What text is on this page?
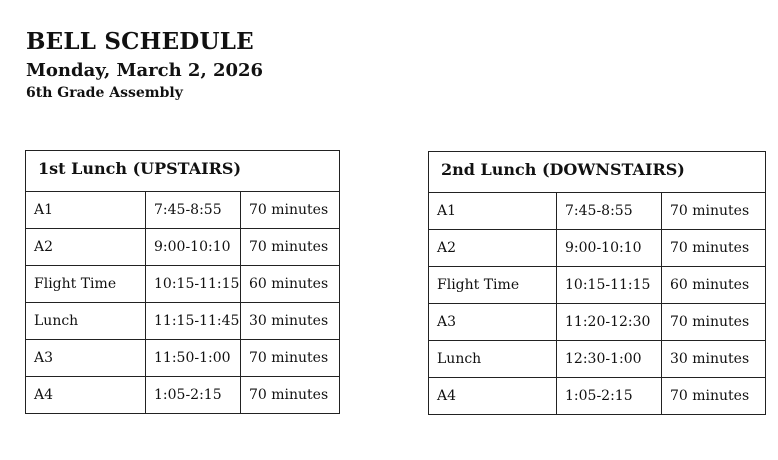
BELL SCHEDULE
Monday, March 2, 2026
6th Grade Assembly
1st Lunch (UPSTAIRS)		
A1	7:45-8:55	70 minutes
A2	9:00-10:10	70 minutes
Flight Time	10:15-11:15	60 minutes
Lunch	11:15-11:45	30 minutes
A3	11:50-1:00	70 minutes
A4	1:05-2:15	70 minutes
2nd Lunch (DOWNSTAIRS)		
A1	7:45-8:55	70 minutes
A2	9:00-10:10	70 minutes
Flight Time	10:15-11:15	60 minutes
A3	11:20-12:30	70 minutes
Lunch	12:30-1:00	30 minutes
A4	1:05-2:15	70 minutes
